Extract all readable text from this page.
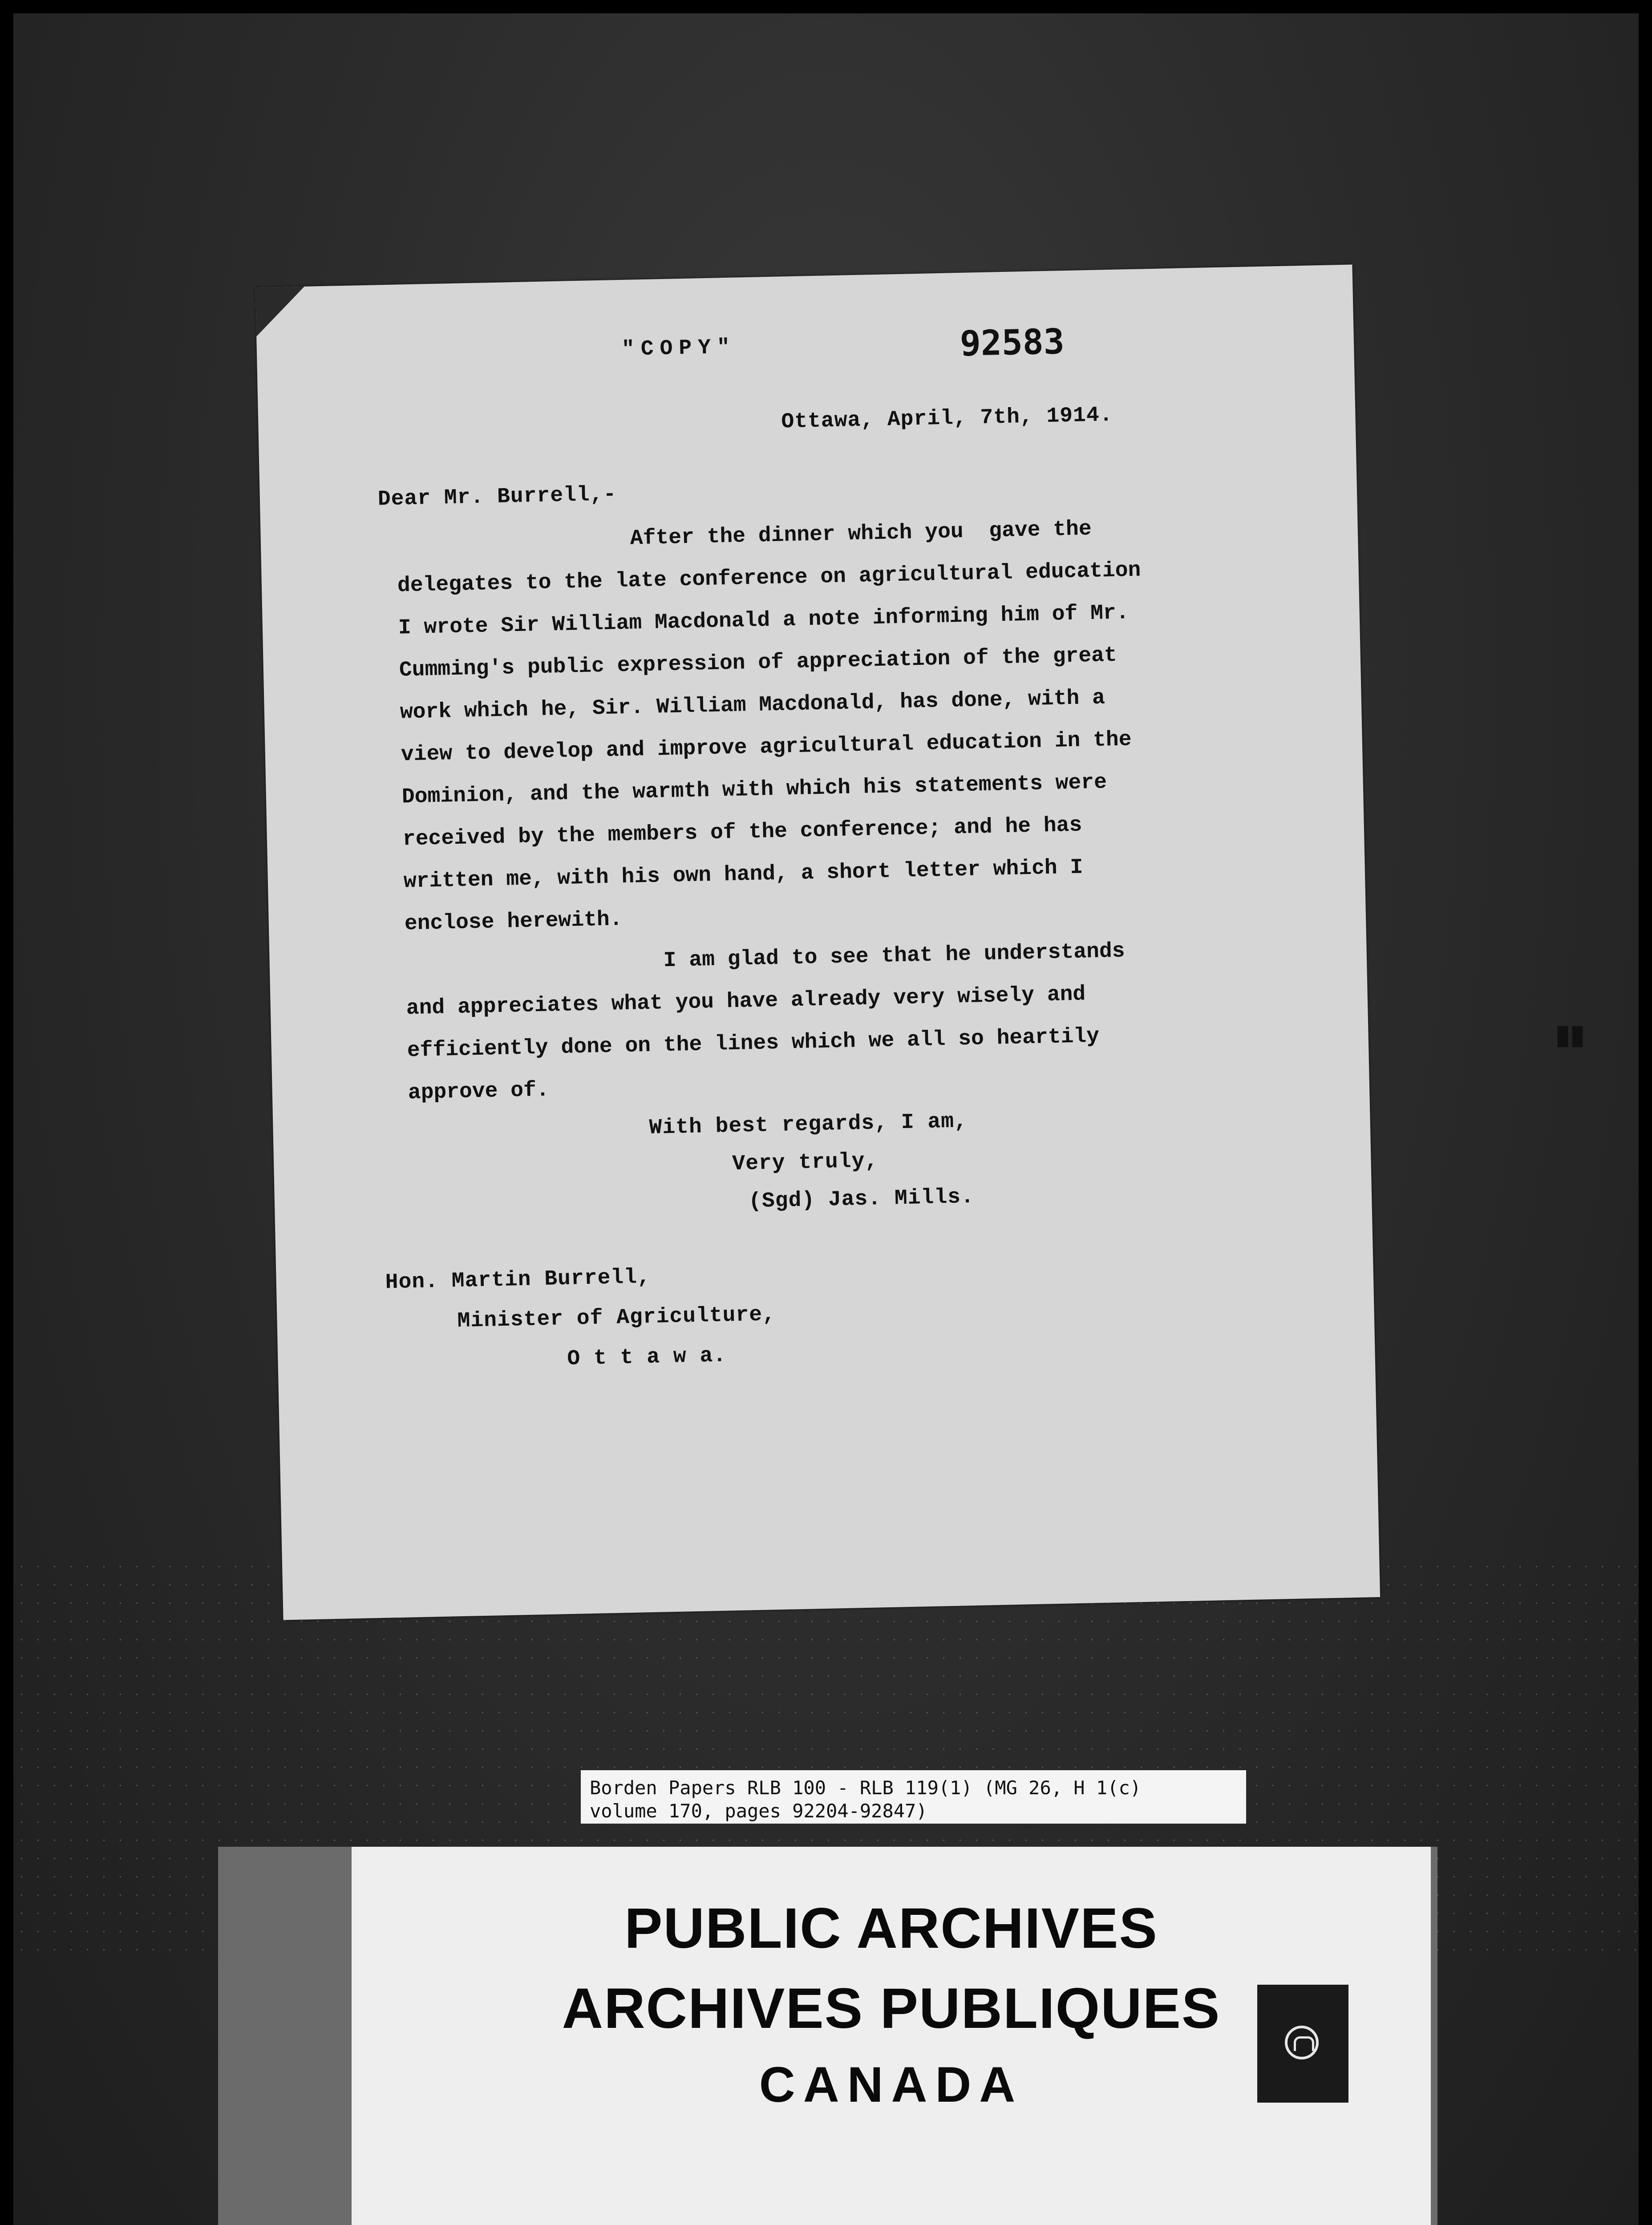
▮▮
"COPY"	92583
Ottawa, April, 7th, 1914.
Dear Mr. Burrell,-
After the dinner which you  gave the
delegates to the late conference on agricultural education
I wrote Sir William Macdonald a note informing him of Mr.
Cumming's public expression of appreciation of the great
work which he, Sir. William Macdonald, has done, with a
view to develop and improve agricultural education in the
Dominion, and the warmth with which his statements were
received by the members of the conference; and he has
written me, with his own hand, a short letter which I
enclose herewith.
I am glad to see that he understands
and appreciates what you have already very wisely and
efficiently done on the lines which we all so heartily
approve of.
With best regards, I am,
Very truly,
(Sgd) Jas. Mills.
Hon. Martin Burrell,
Minister of Agriculture,
O t t a w a.
Borden Papers RLB 100 - RLB 119(1) (MG 26, H 1(c)
volume 170, pages 92204-92847)
PUBLIC ARCHIVES
ARCHIVES PUBLIQUES
CANADA
